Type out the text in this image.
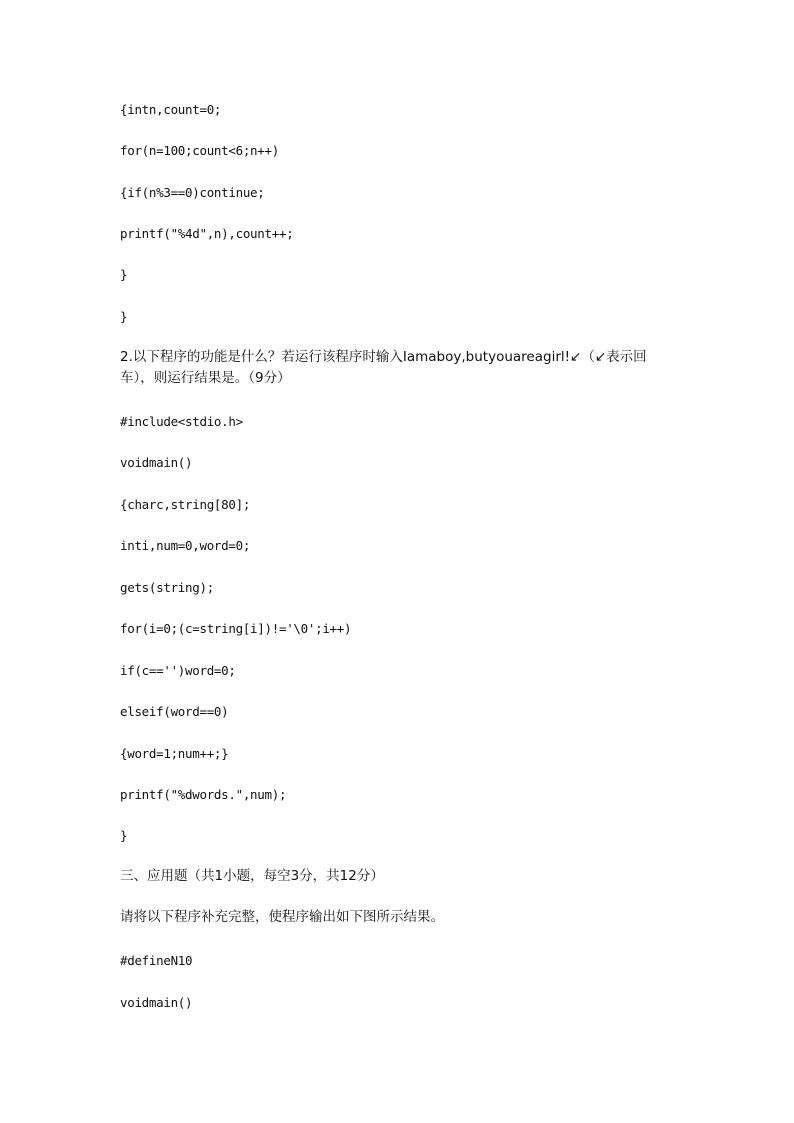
{intn,count=0;
for(n=100;count<6;n++)
{if(n%3==0)continue;
printf("%4d",n),count++;
}
}
2.以下程序的功能是什么？若运行该程序时输入Iamaboy,butyouareagirl!↙（↙表示回车），则运行结果是。（9分）
#include<stdio.h>
voidmain()
{charc,string[80];
inti,num=0,word=0;
gets(string);
for(i=0;(c=string[i])!='\0';i++)
if(c=='')word=0;
elseif(word==0)
{word=1;num++;}
printf("%dwords.",num);
}
三、应用题（共1小题，每空3分，共12分）
请将以下程序补充完整，使程序输出如下图所示结果。
#defineN10
voidmain()
